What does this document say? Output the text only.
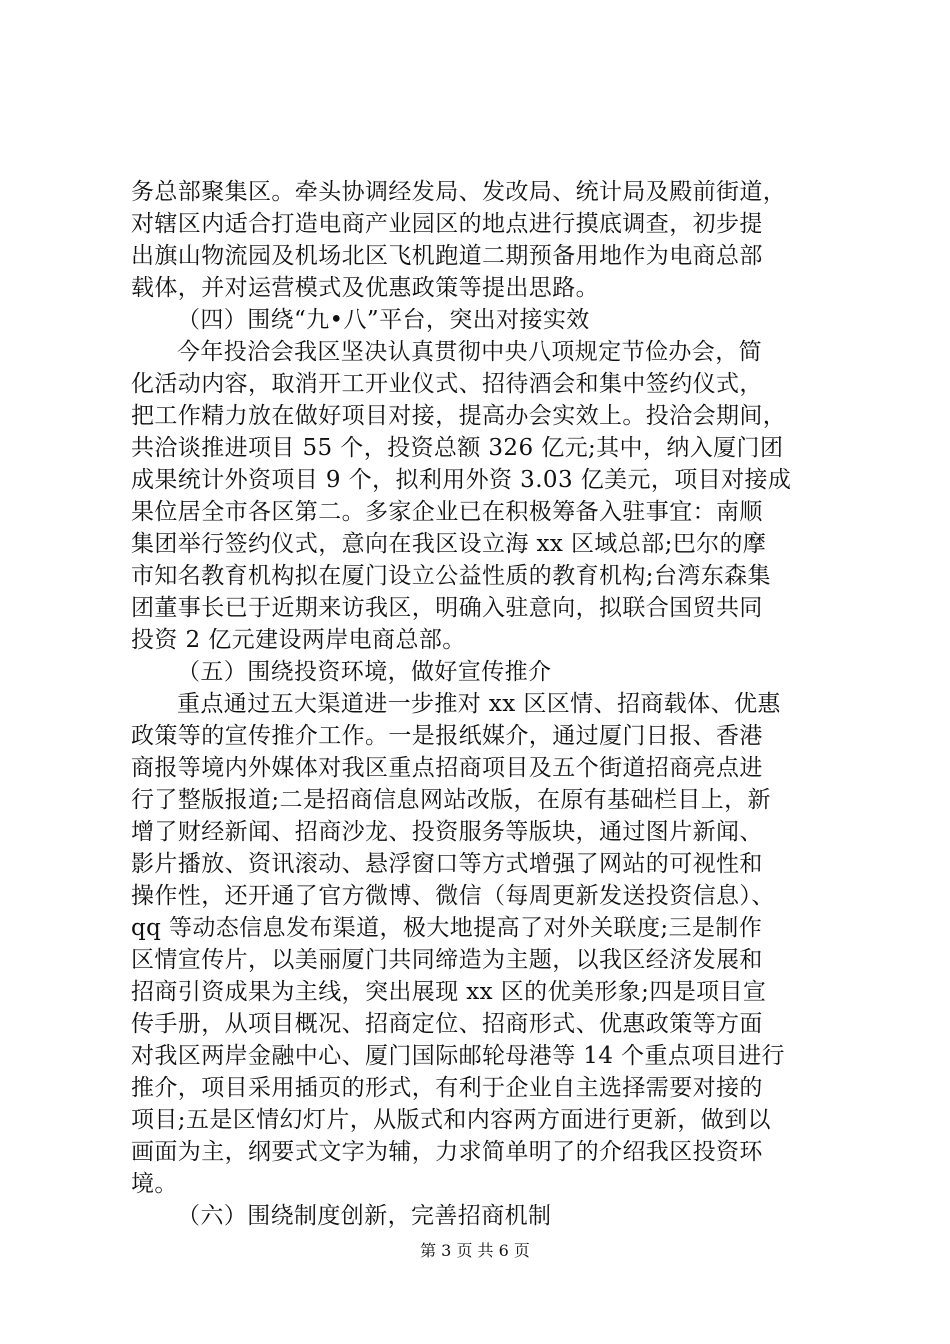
务总部聚集区。牵头协调经发局、发改局、统计局及殿前街道，
对辖区内适合打造电商产业园区的地点进行摸底调查，初步提
出旗山物流园及机场北区飞机跑道二期预备用地作为电商总部
载体，并对运营模式及优惠政策等提出思路。
（四）围绕“九•八”平台，突出对接实效
今年投洽会我区坚决认真贯彻中央八项规定节俭办会，简
化活动内容，取消开工开业仪式、招待酒会和集中签约仪式，
把工作精力放在做好项目对接，提高办会实效上。投洽会期间，
共洽谈推进项目 55 个，投资总额 326 亿元;其中，纳入厦门团
成果统计外资项目 9 个，拟利用外资 3.03 亿美元，项目对接成
果位居全市各区第二。多家企业已在积极筹备入驻事宜：南顺
集团举行签约仪式，意向在我区设立海 xx 区域总部;巴尔的摩
市知名教育机构拟在厦门设立公益性质的教育机构;台湾东森集
团董事长已于近期来访我区，明确入驻意向，拟联合国贸共同
投资 2 亿元建设两岸电商总部。
（五）围绕投资环境，做好宣传推介
重点通过五大渠道进一步推对 xx 区区情、招商载体、优惠
政策等的宣传推介工作。一是报纸媒介，通过厦门日报、香港
商报等境内外媒体对我区重点招商项目及五个街道招商亮点进
行了整版报道;二是招商信息网站改版，在原有基础栏目上，新
增了财经新闻、招商沙龙、投资服务等版块，通过图片新闻、
影片播放、资讯滚动、悬浮窗口等方式增强了网站的可视性和
操作性，还开通了官方微博、微信（每周更新发送投资信息）、
qq 等动态信息发布渠道，极大地提高了对外关联度;三是制作
区情宣传片，以美丽厦门共同缔造为主题，以我区经济发展和
招商引资成果为主线，突出展现 xx 区的优美形象;四是项目宣
传手册，从项目概况、招商定位、招商形式、优惠政策等方面
对我区两岸金融中心、厦门国际邮轮母港等 14 个重点项目进行
推介，项目采用插页的形式，有利于企业自主选择需要对接的
项目;五是区情幻灯片，从版式和内容两方面进行更新，做到以
画面为主，纲要式文字为辅，力求简单明了的介绍我区投资环
境。
（六）围绕制度创新，完善招商机制
第 3 页 共 6 页
